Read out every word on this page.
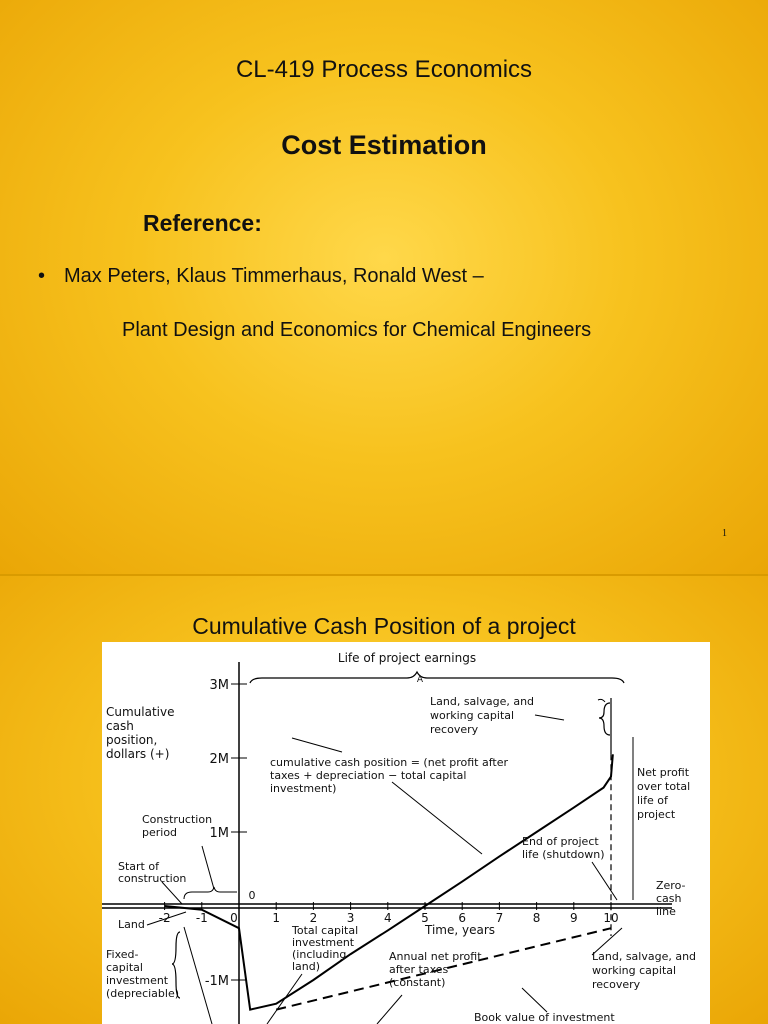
CL-419 Process Economics
Cost Estimation
Reference:
• Max Peters, Klaus Timmerhaus, Ronald West –
Plant Design and Economics for Chemical Engineers
1
Cumulative Cash Position of a project
-2 -1 0	1 2 3 4 5 6 7 8 9 10
3M
2M
1M
0
-1M
Life of project earnings
A
Cumulative
cash
position,
dollars (+)
Land, salvage, and
working capital
recovery
cumulative cash position = (net profit after
taxes + depreciation − total capital
investment)
Net profit
over total
life of
project
End of project
life (shutdown)
Zero-
cash
line
Construction
period
Start of
construction
Land
Fixed-
capital
investment
(depreciable)
Total capital
investment
(including
land)
Time, years
Annual net profit
after taxes
(constant)
Land, salvage, and
working capital
recovery
Book value of investment
